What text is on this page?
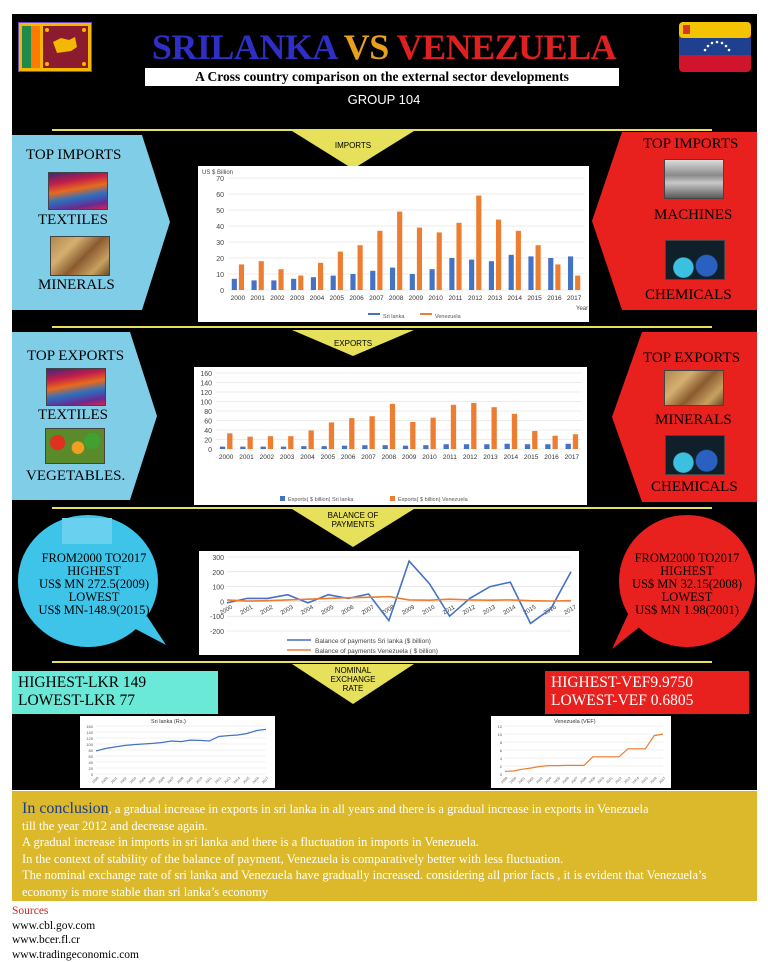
SRILANKA VS VENEZUELA
A Cross country comparison on the external sector developments
GROUP 104
IMPORTS
TOP IMPORTS
TEXTILES
MINERALS
TOP IMPORTS
MACHINES
CHEMICALS
0
10
20
30
40
50
60
70
2000 2001 2002 2003 2004 2005 2006 2007 2008 2009 2010 2011 2012 2013 2014 2015 2016 2017
Sri lanka	Venezuela
US $ Billion
Year
EXPORTS
TOP EXPORTS
TEXTILES
VEGETABLES.
TOP EXPORTS
MINERALS
CHEMICALS
0
20
40
60
80
100
120
140
160
2000 2001 2002 2003 2004 2005 2006 2007 2008 2009 2010 2011 2012 2013 2014 2015 2016 2017
Exports( $ billion) Sri lanka	Exports( $ billion) Venezuela
BALANCE OF PAYMENTS
FROM2000 TO2017
HIGHEST
US$ MN 272.5(2009)
LOWEST
US$ MN-148.9(2015)
FROM2000 TO2017
HIGHEST
US$ MN 32.15(2008)
LOWEST
US$ MN 1.98(2001)
-200
-100
0
100
200
300
2000 2001 2002 2003 2004 2005 2006 2007 2008 2009 2010 2011 2012 2013 2014 2015 2016 2017
Balance of payments Sri lanka ($ billion)
Balance of payments Venezuela ( $ billion)
NOMINAL EXCHANGE RATE
HIGHEST-LKR 149
LOWEST-LKR 77
HIGHEST-VEF9.9750
LOWEST-VEF 0.6805
Sri lanka (Rs.)
0
20
40
60
80
100
120
140
160
1999 2000 2001 2002 2003 2004 2005 2006 2007 2008 2009 2010 2011 2012 2013 2014 2015 2016 2017
Venezuela (VEF)
0
2
4
6
8
10
12
1999 2000 2001 2002 2003 2004 2005 2006 2007 2008 2009 2010 2011 2012 2013 2014 2015 2016 2017
In conclusion, a gradual increase in exports in sri lanka in all years and there is a gradual increase in exports in Venezuela
till the year 2012 and decrease again.
A gradual increase in imports in sri lanka and there is a fluctuation in imports in Venezuela.
In the context of stability of the balance of payment, Venezuela is comparatively better with less fluctuation.
The nominal exchange rate of sri lanka and Venezuela have gradually increased. considering all prior facts , it is evident that Venezuela’s
economy is more stable than sri lanka’s economy
Sources
www.cbl.gov.com
www.bcer.fl.cr
www.tradingeconomic.com
